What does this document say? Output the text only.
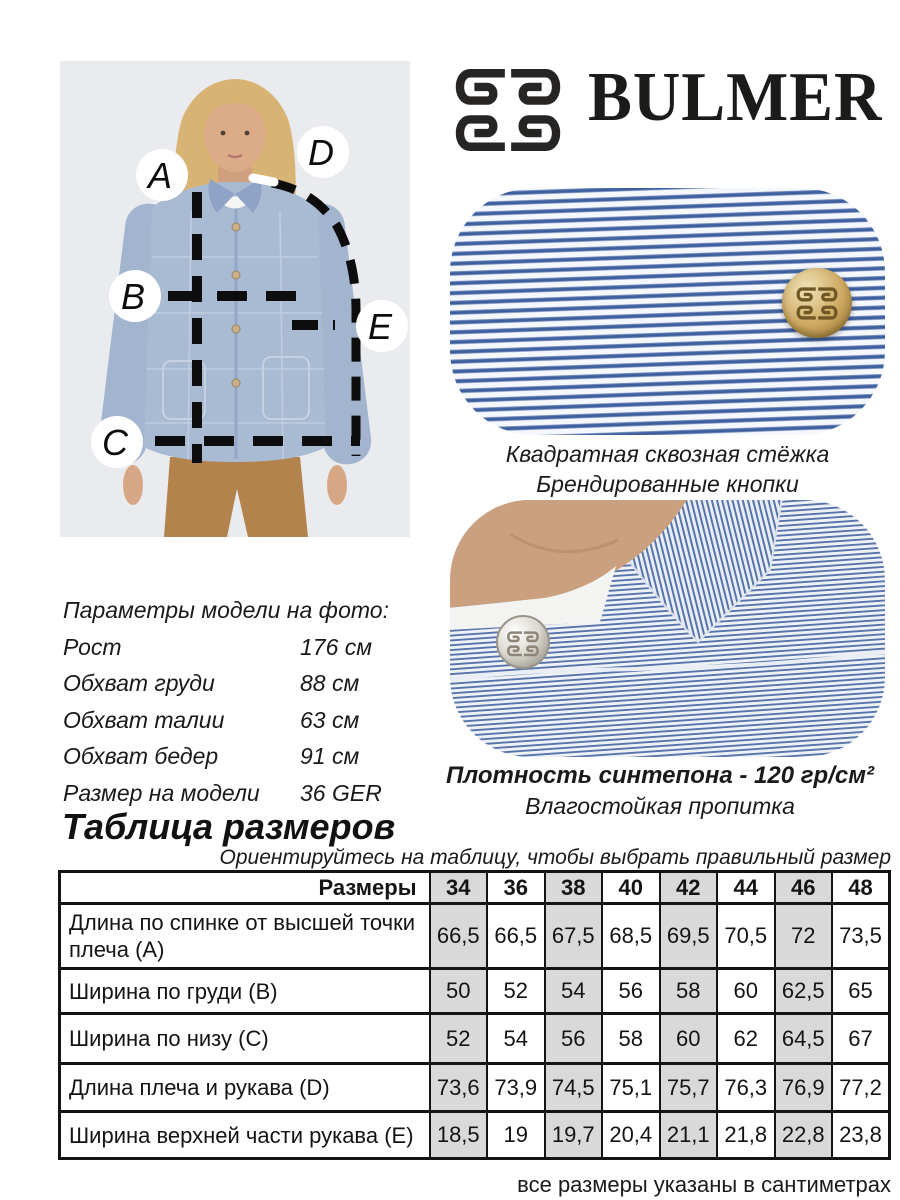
A
B
C
D
E
BULMER
Квадратная сквозная стёжка
Брендированные кнопки
Плотность синтепона - 120 гр/см²
Влагостойкая пропитка
Параметры модели на фото:
Рост	176 см
Обхват груди	88 см
Обхват талии	63 см
Обхват бедер	91 см
Размер на модели	36 GER
Таблица размеров
Ориентируйтесь на таблицу, чтобы выбрать правильный размер
Размеры	34	36	38	40	42	44	46	48
Длина по спинке от высшей точки плеча (A)	66,5	66,5	67,5	68,5	69,5	70,5	72	73,5
Ширина по груди (B)	50	52	54	56	58	60	62,5	65
Ширина по низу (C)	52	54	56	58	60	62	64,5	67
Длина плеча и рукава (D)	73,6	73,9	74,5	75,1	75,7	76,3	76,9	77,2
Ширина верхней части рукава (E)	18,5	19	19,7	20,4	21,1	21,8	22,8	23,8
все размеры указаны в сантиметрах
